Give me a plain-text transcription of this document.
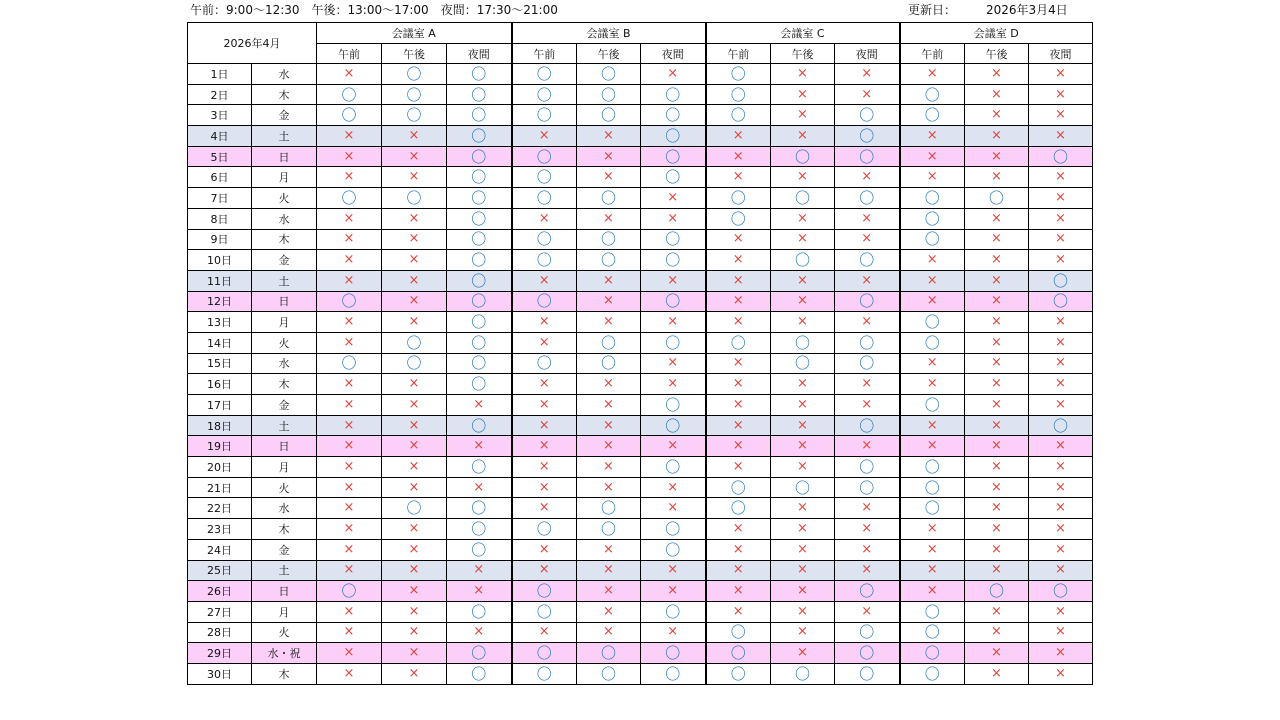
午前：9:00～12:30　午後：13:00～17:00　夜間：17:30～21:00	更新日： 2026年3月4日
2026年4月		会議室 A			会議室 B			会議室 C			会議室 D		
		午前	午後	夜間	午前	午後	夜間	午前	午後	夜間	午前	午後	夜間
1日	水	×	〇	〇	〇	〇	×	〇	×	×	×	×	×
2日	木	〇	〇	〇	〇	〇	〇	〇	×	×	〇	×	×
3日	金	〇	〇	〇	〇	〇	〇	〇	×	〇	〇	×	×
4日	土	×	×	〇	×	×	〇	×	×	〇	×	×	×
5日	日	×	×	〇	〇	×	〇	×	〇	〇	×	×	〇
6日	月	×	×	〇	〇	×	〇	×	×	×	×	×	×
7日	火	〇	〇	〇	〇	〇	×	〇	〇	〇	〇	〇	×
8日	水	×	×	〇	×	×	×	〇	×	×	〇	×	×
9日	木	×	×	〇	〇	〇	〇	×	×	×	〇	×	×
10日	金	×	×	〇	〇	〇	〇	×	〇	〇	×	×	×
11日	土	×	×	〇	×	×	×	×	×	×	×	×	〇
12日	日	〇	×	〇	〇	×	〇	×	×	〇	×	×	〇
13日	月	×	×	〇	×	×	×	×	×	×	〇	×	×
14日	火	×	〇	〇	×	〇	〇	〇	〇	〇	〇	×	×
15日	水	〇	〇	〇	〇	〇	×	×	〇	〇	×	×	×
16日	木	×	×	〇	×	×	×	×	×	×	×	×	×
17日	金	×	×	×	×	×	〇	×	×	×	〇	×	×
18日	土	×	×	〇	×	×	〇	×	×	〇	×	×	〇
19日	日	×	×	×	×	×	×	×	×	×	×	×	×
20日	月	×	×	〇	×	×	〇	×	×	〇	〇	×	×
21日	火	×	×	×	×	×	×	〇	〇	〇	〇	×	×
22日	水	×	〇	〇	×	〇	×	〇	×	×	〇	×	×
23日	木	×	×	〇	〇	〇	〇	×	×	×	×	×	×
24日	金	×	×	〇	×	×	〇	×	×	×	×	×	×
25日	土	×	×	×	×	×	×	×	×	×	×	×	×
26日	日	〇	×	×	〇	×	×	×	×	〇	×	〇	〇
27日	月	×	×	〇	〇	×	〇	×	×	×	〇	×	×
28日	火	×	×	×	×	×	×	〇	×	〇	〇	×	×
29日	水・祝	×	×	〇	〇	〇	〇	〇	×	〇	〇	×	×
30日	木	×	×	〇	〇	〇	〇	〇	〇	〇	〇	×	×
